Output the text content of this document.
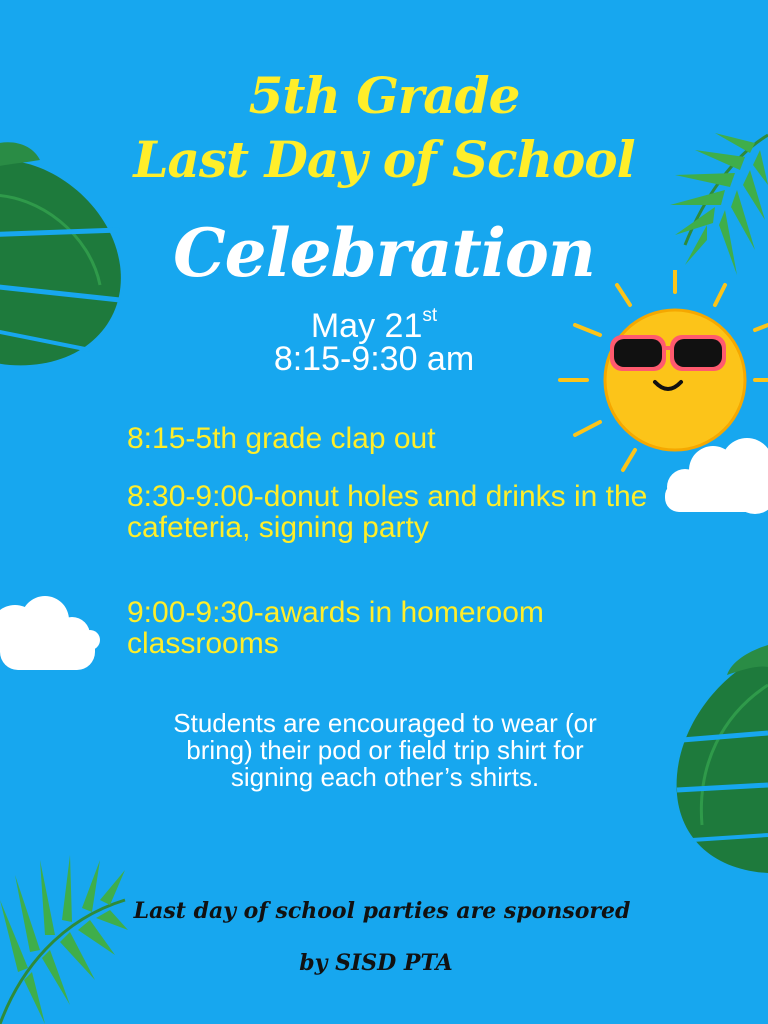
5th Grade
Last Day of School
Celebration
May 21st
8:15-9:30 am
8:15-5th grade clap out
8:30-9:00-donut holes and drinks in the cafeteria, signing party
9:00-9:30-awards in homeroom classrooms
Students are encouraged to wear (or bring) their pod or field trip shirt for signing each other’s shirts.
Last day of school parties are sponsored
by SISD PTA
